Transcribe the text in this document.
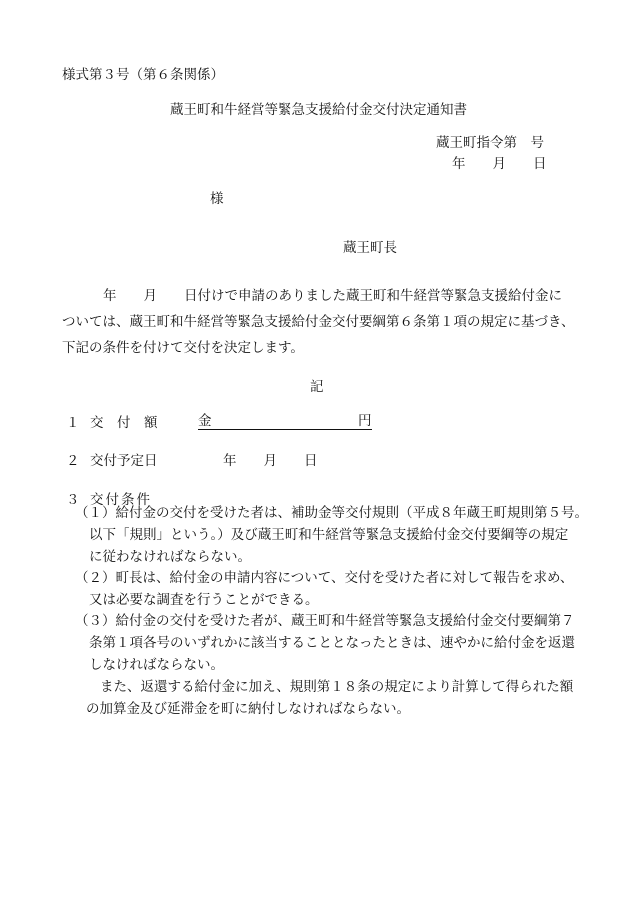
様式第３号（第６条関係）
蔵王町和牛経営等緊急支援給付金交付決定通知書
蔵王町指令第　号
年　　月　　日
様
蔵王町長
年　　月　　日付けで申請のありました蔵王町和牛経営等緊急支援給付金に
ついては、蔵王町和牛経営等緊急支援給付金交付要綱第６条第１項の規定に基づき、
下記の条件を付けて交付を決定します。
記
１ 交　付　額	金	円
２ 交付予定日	年　　月　　日
３ 交付条件
（１）給付金の交付を受けた者は、補助金等交付規則（平成８年蔵王町規則第５号。
以下「規則」という。）及び蔵王町和牛経営等緊急支援給付金交付要綱等の規定
に従わなければならない。
（２）町長は、給付金の申請内容について、交付を受けた者に対して報告を求め、
又は必要な調査を行うことができる。
（３）給付金の交付を受けた者が、蔵王町和牛経営等緊急支援給付金交付要綱第７
条第１項各号のいずれかに該当することとなったときは、速やかに給付金を返還
しなければならない。
また、返還する給付金に加え、規則第１８条の規定により計算して得られた額
の加算金及び延滞金を町に納付しなければならない。
